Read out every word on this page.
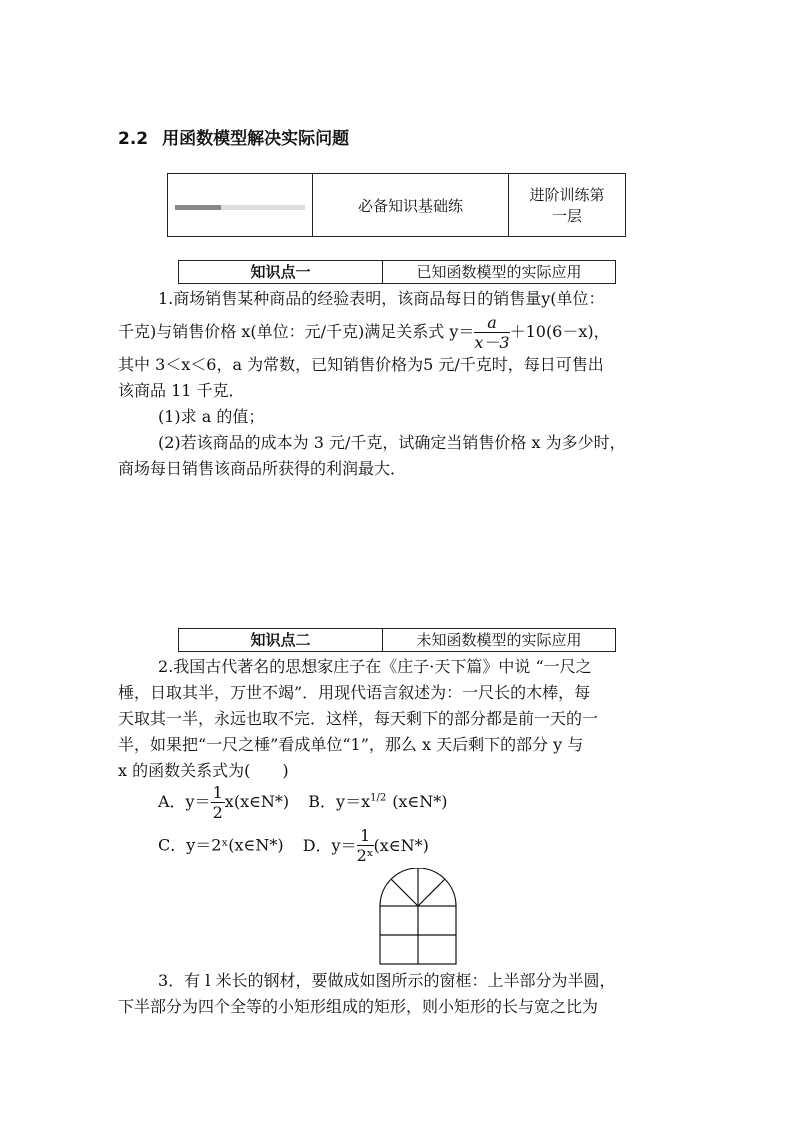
2.2 用函数模型解决实际问题
	必备知识基础练	进阶训练第
一层
知识点一	已知函数模型的实际应用
1.商场销售某种商品的经验表明，该商品每日的销售量y(单位：
千克)与销售价格 x(单位：元/千克)满足关系式 $y= \frac{a}{x-3} +10(6-x)$，
其中 3＜x＜6，a 为常数，已知销售价格为5 元/千克时，每日可售出
该商品 11 千克．
(1)求 a 的值；
(2)若该商品的成本为 3 元/千克，试确定当销售价格 x 为多少时，
商场每日销售该商品所获得的利润最大．
知识点二	未知函数模型的实际应用
2.我国古代著名的思想家庄子在《庄子·天下篇》中说 “一尺之
棰，日取其半，万世不竭”．用现代语言叙述为：一尺长的木棒，每
天取其一半，永远也取不完．这样，每天剩下的部分都是前一天的一
半，如果把“一尺之棰”看成单位“1”，那么 x 天后剩下的部分 y 与
x 的函数关系式为(　　)
A．$y= \frac{1}{2}$ x(x∈N*) B．$y=x^{1/2}$ (x∈N*)
C．y＝2ˣ(x∈N*) D．$y= \frac{1}{\text{2ˣ}}$ (x∈N*)
3．有 l 米长的钢材，要做成如图所示的窗框：上半部分为半圆，
下半部分为四个全等的小矩形组成的矩形，则小矩形的长与宽之比为
